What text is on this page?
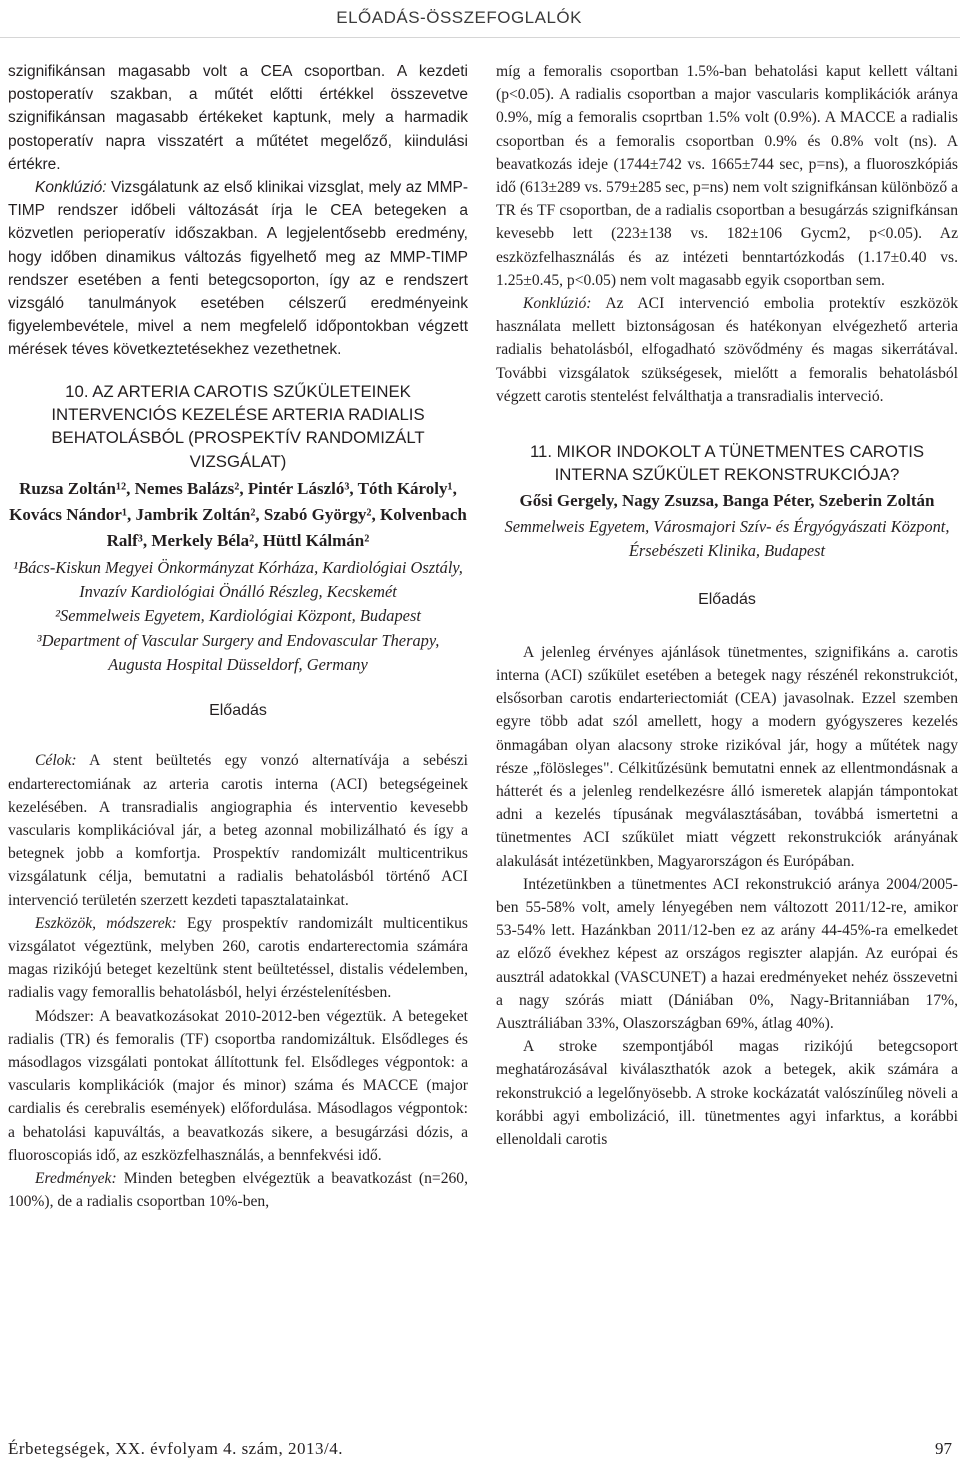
ELŐADÁS-ÖSSZEFOGLALÓK

szignifikánsan magasabb volt a CEA csoportban. A kezdeti postoperatív szakban, a műtét előtti értékkel összevetve szignifikánsan magasabb értékeket kaptunk, mely a harmadik postoperatív napra visszatért a műtétet megelőző, kiindulási értékre.

Konklúzió: Vizsgálatunk az első klinikai vizsglat, mely az MMP-TIMP rendszer időbeli változását írja le CEA betegeken a közvetlen perioperatív időszakban. A legjelentősebb eredmény, hogy időben dinamikus változás figyelhető meg az MMP-TIMP rendszer esetében a fenti betegcsoporton, így az e rendszert vizsgáló tanulmányok esetében célszerű eredményeink figyelembevétele, mivel a nem megfelelő időpontokban végzett mérések téves következtetésekhez vezethetnek.

10. AZ ARTERIA CAROTIS SZŰKÜLETEINEK INTERVENCIÓS KEZELÉSE ARTERIA RADIALIS BEHATOLÁSBÓL (PROSPEKTÍV RANDOMIZÁLT VIZSGÁLAT)
Ruzsa Zoltán¹², Nemes Balázs², Pintér László³, Tóth Károly¹, Kovács Nándor¹, Jambrik Zoltán², Szabó György², Kolvenbach Ralf³, Merkely Béla², Hüttl Kálmán²
¹Bács-Kiskun Megyei Önkormányzat Kórháza, Kardiológiai Osztály, Invazív Kardiológiai Önálló Részleg, Kecskemét
²Semmelweis Egyetem, Kardiológiai Központ, Budapest
³Department of Vascular Surgery and Endovascular Therapy, Augusta Hospital Düsseldorf, Germany
Előadás

Célok: A stent beültetés egy vonzó alternatívája a sebészi endartereсtomiának az arteria carotis interna (ACI) betegségeinek kezelésében. A transradialis angiographia és interventio kevesebb vascularis komplikációval jár, a beteg azonnal mobilizálható és így a betegnek jobb a komfortja. Prospektív randomizált multicentrikus vizsgálatunk célja, bemutatni a radialis behatolásból történő ACI intervenció területén szerzett kezdeti tapasztalatainkat.

Eszközök, módszerek: Egy prospektív randomizált multicentikus vizsgálatot végeztünk, melyben 260, carotis endarterectomia számára magas rizikójú beteget kezeltünk stent beültetéssel, distalis védelemben, radialis vagy femorallis behatolásból, helyi érzéstelenítésben.

Módszer: A beavatkozásokat 2010-2012-ben végeztük. A betegeket radialis (TR) és femoralis (TF) csoportba randomizáltuk. Elsődleges és másodlagos vizsgálati pontokat állítottunk fel. Elsődleges végpontok: a vascularis komplikációk (major és minor) száma és MACCE (major cardialis és cerebralis események) előfordulása. Másodlagos végpontok: a behatolási kapuváltás, a beavatkozás sikere, a besugárzási dózis, a fluoroscopiás idő, az eszközfelhasználás, a bennfekvési idő.

Eredmények: Minden betegben elvégeztük a beavatkozást (n=260, 100%), de a radialis csoportban 10%-ben,

míg a femoralis csoportban 1.5%-ban behatolási kaput kellett váltani (p<0.05). A radialis csoportban a major vascularis komplikációk aránya 0.9%, míg a femoralis csoprtban 1.5% volt (0.9%). A MACCE a radialis csoportban és a femoralis csoportban 0.9% és 0.8% volt (ns). A beavatkozás ideje (1744±742 vs. 1665±744 sec, p=ns), a fluoroszkópiás idő (613±289 vs. 579±285 sec, p=ns) nem volt szignifkánsan különböző a TR és TF csoportban, de a radialis csoportban a besugárzás szignifkánsan kevesebb lett (223±138 vs. 182±106 Gycm2, p<0.05). Az eszközfelhasználás és az intézeti benntartózkodás (1.17±0.40 vs. 1.25±0.45, p<0.05) nem volt magasabb egyik csoportban sem.

Konklúzió: Az ACI intervenció embolia protektív eszközök használata mellett biztonságosan és hatékonyan elvégezhető arteria radialis behatolásból, elfogadható szövődmény és magas sikerrátával. További vizsgálatok szükségesek, mielőtt a femoralis behatolásból végzett carotis stentelést felválthatja a transradialis interveció.

11. MIKOR INDOKOLT A TÜNETMENTES CAROTIS INTERNA SZŰKÜLET REKONSTRUKCIÓJA?
Gősi Gergely, Nagy Zsuzsa, Banga Péter, Szeberin Zoltán
Semmelweis Egyetem, Városmajori Szív- és Érgyógyászati Központ, Érsebészeti Klinika, Budapest
Előadás

A jelenleg érvényes ajánlások tünetmentes, szignifikáns a. carotis interna (ACI) szűkület esetében a betegek nagy részénél rekonstrukciót, elsősorban carotis endarteriectomiát (CEA) javasolnak. Ezzel szemben egyre több adat szól amellett, hogy a modern gyógyszeres kezelés önmagában olyan alacsony stroke rizikóval jár, hogy a műtétek nagy része „fölösleges". Célkitűzésünk bemutatni ennek az ellentmondásnak a hátterét és a jelenleg rendelkezésre álló ismeretek alapján támpontokat adni a kezelés típusának megválasztásában, továbbá ismertetni a tünetmentes ACI szűkület miatt végzett rekonstrukciók arányának alakulását intézetünkben, Magyarországon és Európában.

Intézetünkben a tünetmentes ACI rekonstrukció aránya 2004/2005-ben 55-58% volt, amely lényegében nem változott 2011/12-re, amikor 53-54% lett. Hazánkban 2011/12-ben ez az arány 44-45%-ra emelkedet az előző évekhez képest az országos regiszter alapján. Az európai és ausztrál adatokkal (VASCUNET) a hazai eredményeket nehéz összevetni a nagy szórás miatt (Dániában 0%, Nagy-Britanniában 17%, Ausztráliában 33%, Olaszországban 69%, átlag 40%).

A stroke szempontjából magas rizikójú betegcsoport meghatározásával kiválaszthatók azok a betegek, akik számára a rekonstrukció a legelőnyösebb. A stroke kockázatát valószínűleg növeli a korábbi agyi embolizáció, ill. tünetmentes agyi infarktus, a korábbi ellenoldali carotis

Érbetegségek, XX. évfolyam 4. szám, 2013/4.	97
